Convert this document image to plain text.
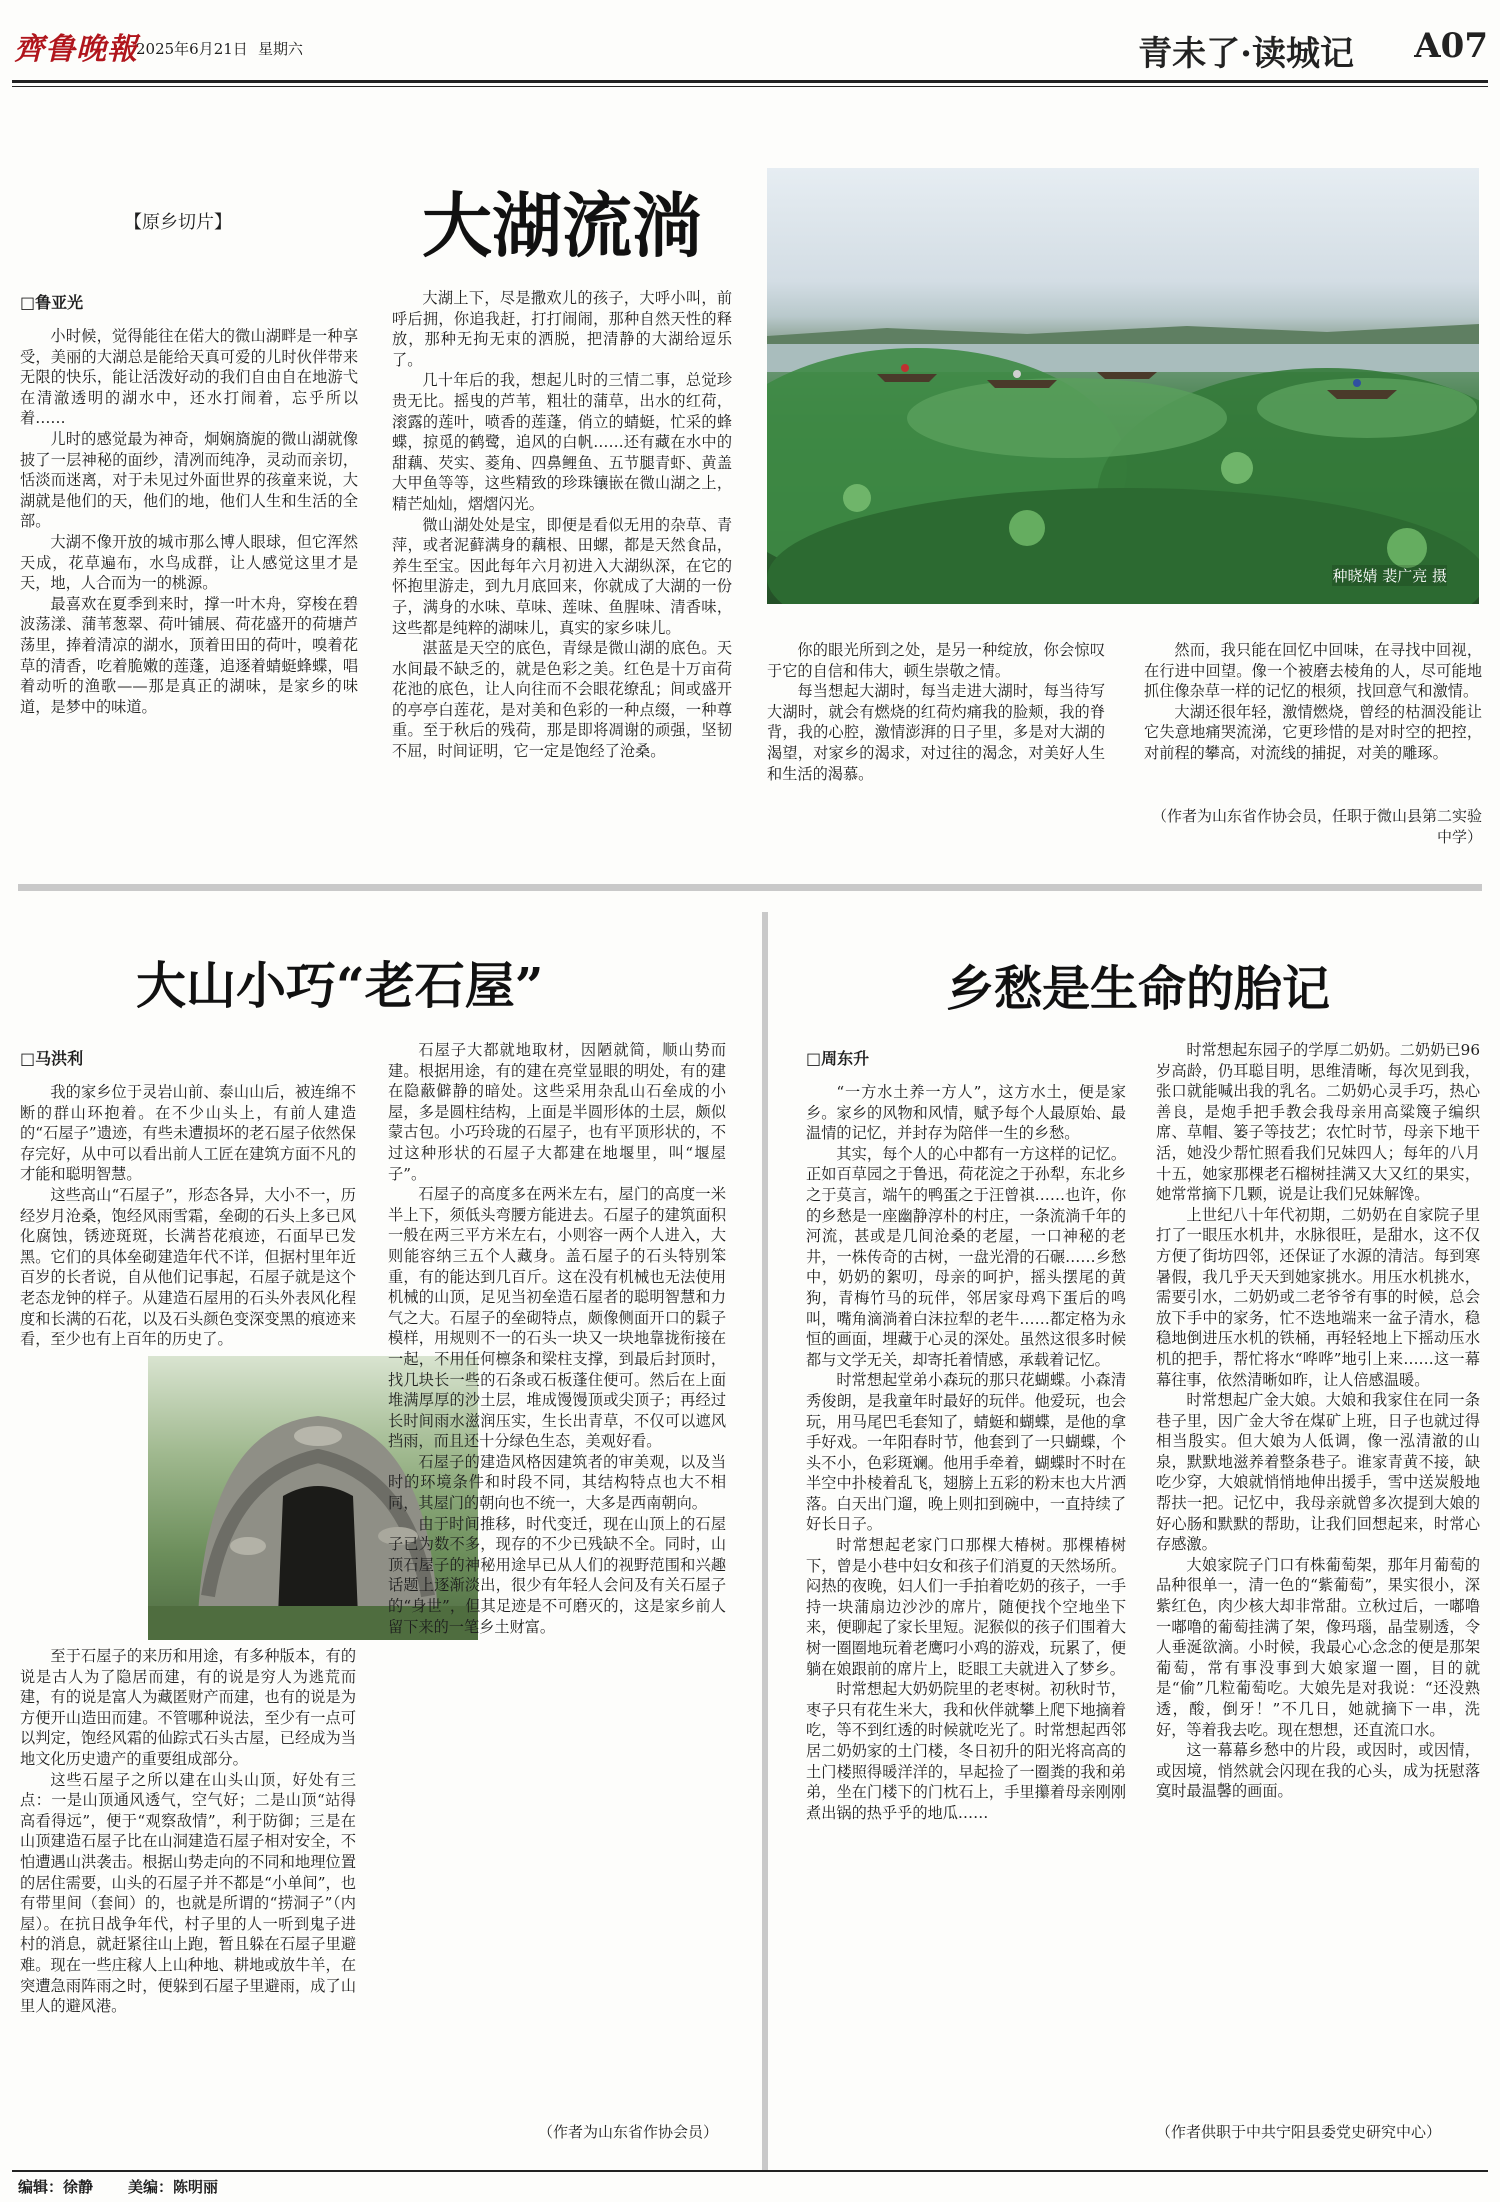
齊鲁晚報
2025年6月21日 星期六	青未了·读城记 A07
【原乡切片】	大湖流淌
□鲁亚光
种晓婧 裴广亮 摄

小时候，觉得能往在偌大的微山湖畔是一种享受，美丽的大湖总是能给天真可爱的儿时伙伴带来无限的快乐，能让活泼好动的我们自由自在地游弋在清澈透明的湖水中，还水打闹着，忘乎所以着……

儿时的感觉最为神奇，炯娴旖旎的微山湖就像披了一层神秘的面纱，清冽而纯净，灵动而亲切，恬淡而迷离，对于未见过外面世界的孩童来说，大湖就是他们的天，他们的地，他们人生和生活的全部。

大湖不像开放的城市那么博人眼球，但它浑然天成，花草遍布，水鸟成群，让人感觉这里才是天，地，人合而为一的桃源。

最喜欢在夏季到来时，撑一叶木舟，穿梭在碧波荡漾、蒲苇葱翠、荷叶铺展、荷花盛开的荷塘芦荡里，捧着清凉的湖水，顶着田田的荷叶，嗅着花草的清香，吃着脆嫩的莲蓬，追逐着蜻蜓蜂蝶，唱着动听的渔歌——那是真正的湖味，是家乡的味道，是梦中的味道。

大湖上下，尽是撒欢儿的孩子，大呼小叫，前呼后拥，你追我赶，打打闹闹，那种自然天性的释放，那种无拘无束的洒脱，把清静的大湖给逗乐了。

几十年后的我，想起儿时的三情二事，总觉珍贵无比。摇曳的芦苇，粗壮的蒲草，出水的红荷，滚露的莲叶，喷香的莲蓬，俏立的蜻蜓，忙采的蜂蝶，掠觅的鹤鹭，追风的白帆……还有藏在水中的甜藕、芡实、菱角、四鼻鲤鱼、五节腿青虾、黄盖大甲鱼等等，这些精致的珍珠镶嵌在微山湖之上，精芒灿灿，熠熠闪光。

微山湖处处是宝，即便是看似无用的杂草、青萍，或者泥藓满身的藕根、田螺，都是天然食品，养生至宝。因此每年六月初进入大湖纵深，在它的怀抱里游走，到九月底回来，你就成了大湖的一份子，满身的水味、草味、莲味、鱼腥味、清香味，这些都是纯粹的湖味儿，真实的家乡味儿。

湛蓝是天空的底色，青绿是微山湖的底色。天水间最不缺乏的，就是色彩之美。红色是十万亩荷花池的底色，让人向往而不会眼花缭乱；间或盛开的亭亭白莲花，是对美和色彩的一种点缀，一种尊重。至于秋后的残荷，那是即将凋谢的顽强，坚韧不屈，时间证明，它一定是饱经了沧桑。

你的眼光所到之处，是另一种绽放，你会惊叹于它的自信和伟大，顿生崇敬之情。

每当想起大湖时，每当走进大湖时，每当待写大湖时，就会有燃烧的红荷灼痛我的脸颊，我的脊背，我的心腔，激情澎湃的日子里，多是对大湖的渴望，对家乡的渴求，对过往的渴念，对美好人生和生活的渴慕。

然而，我只能在回忆中回味，在寻找中回视，在行进中回望。像一个被磨去棱角的人，尽可能地抓住像杂草一样的记忆的根须，找回意气和激情。

大湖还很年轻，激情燃烧，曾经的枯涸没能让它失意地痛哭流涕，它更珍惜的是对时空的把控，对前程的攀高，对流线的捕捉，对美的雕琢。

（作者为山东省作协会员，任职于微山县第二实验中学）
大山小巧“老石屋”
□马洪利

我的家乡位于灵岩山前、泰山山后，被连绵不断的群山环抱着。在不少山头上，有前人建造的“石屋子”遗迹，有些未遭损坏的老石屋子依然保存完好，从中可以看出前人工匠在建筑方面不凡的才能和聪明智慧。

这些高山“石屋子”，形态各异，大小不一，历经岁月沧桑，饱经风雨雪霜，垒砌的石头上多已风化腐蚀，锈迹斑斑，长满苔花痕迹，石面早已发黑。它们的具体垒砌建造年代不详，但据村里年近百岁的长者说，自从他们记事起，石屋子就是这个老态龙钟的样子。从建造石屋用的石头外表风化程度和长满的石花，以及石头颜色变深变黑的痕迹来看，至少也有上百年的历史了。

至于石屋子的来历和用途，有多种版本，有的说是古人为了隐居而建，有的说是穷人为逃荒而建，有的说是富人为藏匿财产而建，也有的说是为方便开山造田而建。不管哪种说法，至少有一点可以判定，饱经风霜的仙踪式石头古屋，已经成为当地文化历史遗产的重要组成部分。

这些石屋子之所以建在山头山顶，好处有三点：一是山顶通风透气，空气好；二是山顶“站得高看得远”，便于“观察敌情”，利于防御；三是在山顶建造石屋子比在山洞建造石屋子相对安全，不怕遭遇山洪袭击。根据山势走向的不同和地理位置的居住需要，山头的石屋子并不都是“小单间”，也有带里间（套间）的，也就是所谓的“捞洞子”（内屋）。在抗日战争年代，村子里的人一听到鬼子进村的消息，就赶紧往山上跑，暂且躲在石屋子里避难。现在一些庄稼人上山种地、耕地或放牛羊，在突遭急雨阵雨之时，便躲到石屋子里避雨，成了山里人的避风港。

石屋子大都就地取材，因陋就简，顺山势而建。根据用途，有的建在亮堂显眼的明处，有的建在隐蔽僻静的暗处。这些采用杂乱山石垒成的小屋，多是圆柱结构，上面是半圆形体的土层，颇似蒙古包。小巧玲珑的石屋子，也有平顶形状的，不过这种形状的石屋子大都建在地堰里，叫“堰屋子”。

石屋子的高度多在两米左右，屋门的高度一米半上下，须低头弯腰方能进去。石屋子的建筑面积一般在两三平方米左右，小则容一两个人进入，大则能容纳三五个人藏身。盖石屋子的石头特别笨重，有的能达到几百斤。这在没有机械也无法使用机械的山顶，足见当初垒造石屋者的聪明智慧和力气之大。石屋子的垒砌特点，颇像侧面开口的鬏子模样，用规则不一的石头一块又一块地靠拢衔接在一起，不用任何檩条和梁柱支撑，到最后封顶时，找几块长一些的石条或石板蓬住便可。然后在上面堆满厚厚的沙土层，堆成馒馒顶或尖顶子；再经过长时间雨水滋润压实，生长出青草，不仅可以遮风挡雨，而且还十分绿色生态，美观好看。

石屋子的建造风格因建筑者的审美观，以及当时的环境条件和时段不同，其结构特点也大不相同，其屋门的朝向也不统一，大多是西南朝向。

由于时间推移，时代变迁，现在山顶上的石屋子已为数不多，现存的不少已残缺不全。同时，山顶石屋子的神秘用途早已从人们的视野范围和兴趣话题上逐渐淡出，很少有年轻人会问及有关石屋子的“身世”，但其足迹是不可磨灭的，这是家乡前人留下来的一笔乡土财富。

（作者为山东省作协会员）
乡愁是生命的胎记
□周东升

“一方水土养一方人”，这方水土，便是家乡。家乡的风物和风情，赋予每个人最原始、最温情的记忆，并封存为陪伴一生的乡愁。

其实，每个人的心中都有一方这样的记忆。正如百草园之于鲁迅，荷花淀之于孙犁，东北乡之于莫言，端午的鸭蛋之于汪曾祺……也许，你的乡愁是一座幽静淳朴的村庄，一条流淌千年的河流，甚或是几间沧桑的老屋，一口神秘的老井，一株传奇的古树，一盘光滑的石碾……乡愁中，奶奶的絮叨，母亲的呵护，摇头摆尾的黄狗，青梅竹马的玩伴，邻居家母鸡下蛋后的鸣叫，嘴角滴淌着白沫拉犁的老牛……都定格为永恒的画面，埋藏于心灵的深处。虽然这很多时候都与文学无关，却寄托着情感，承载着记忆。

时常想起堂弟小森玩的那只花蝴蝶。小森清秀俊朗，是我童年时最好的玩伴。他爱玩，也会玩，用马尾巴毛套知了，蜻蜓和蝴蝶，是他的拿手好戏。一年阳春时节，他套到了一只蝴蝶，个头不小，色彩斑斓。他用手牵着，蝴蝶时不时在半空中扑棱着乱飞，翅膀上五彩的粉末也大片洒落。白天出门遛，晚上则扣到碗中，一直持续了好长日子。

时常想起老家门口那棵大椿树。那棵椿树下，曾是小巷中妇女和孩子们消夏的天然场所。闷热的夜晚，妇人们一手拍着吃奶的孩子，一手持一块蒲扇边沙沙的席片，随便找个空地坐下来，便聊起了家长里短。泥猴似的孩子们围着大树一圈圈地玩着老鹰叼小鸡的游戏，玩累了，便躺在娘跟前的席片上，眨眼工夫就进入了梦乡。

时常想起大奶奶院里的老枣树。初秋时节，枣子只有花生米大，我和伙伴就攀上爬下地摘着吃，等不到红透的时候就吃光了。时常想起西邻居二奶奶家的土门楼，冬日初升的阳光将高高的土门楼照得暖洋洋的，早起捡了一圈粪的我和弟弟，坐在门楼下的门枕石上，手里攥着母亲刚刚煮出锅的热乎乎的地瓜……

时常想起东园子的学厚二奶奶。二奶奶已96岁高龄，仍耳聪目明，思维清晰，每次见到我，张口就能喊出我的乳名。二奶奶心灵手巧，热心善良，是炮手把手教会我母亲用高粱篾子编织席、草帽、篓子等技艺；农忙时节，母亲下地干活，她没少帮忙照看我们兄妹四人；每年的八月十五，她家那棵老石榴树挂满又大又红的果实，她常常摘下几颗，说是让我们兄妹解馋。

上世纪八十年代初期，二奶奶在自家院子里打了一眼压水机井，水脉很旺，是甜水，这不仅方便了街坊四邻，还保证了水源的清洁。每到寒暑假，我几乎天天到她家挑水。用压水机挑水，需要引水，二奶奶或二老爷爷有事的时候，总会放下手中的家务，忙不迭地端来一盆子清水，稳稳地倒进压水机的铁桶，再轻轻地上下摇动压水机的把手，帮忙将水“哗哗”地引上来……这一幕幕往事，依然清晰如昨，让人倍感温暖。

时常想起广金大娘。大娘和我家住在同一条巷子里，因广金大爷在煤矿上班，日子也就过得相当殷实。但大娘为人低调，像一泓清澈的山泉，默默地滋养着整条巷子。谁家青黄不接，缺吃少穿，大娘就悄悄地伸出援手，雪中送炭般地帮扶一把。记忆中，我母亲就曾多次提到大娘的好心肠和默默的帮助，让我们回想起来，时常心存感激。

大娘家院子门口有株葡萄架，那年月葡萄的品种很单一，清一色的“紫葡萄”，果实很小，深紫红色，肉少核大却非常甜。立秋过后，一嘟噜一嘟噜的葡萄挂满了架，像玛瑙，晶莹剔透，令人垂涎欲滴。小时候，我最心心念念的便是那架葡萄，常有事没事到大娘家遛一圈，目的就是“偷”几粒葡萄吃。大娘先是对我说：“还没熟透，酸，倒牙！”不几日，她就摘下一串，洗好，等着我去吃。现在想想，还直流口水。

这一幕幕乡愁中的片段，或因时，或因情，或因境，悄然就会闪现在我的心头，成为抚慰落寞时最温馨的画面。

（作者供职于中共宁阳县委党史研究中心）
编辑：徐静 美编：陈明丽
